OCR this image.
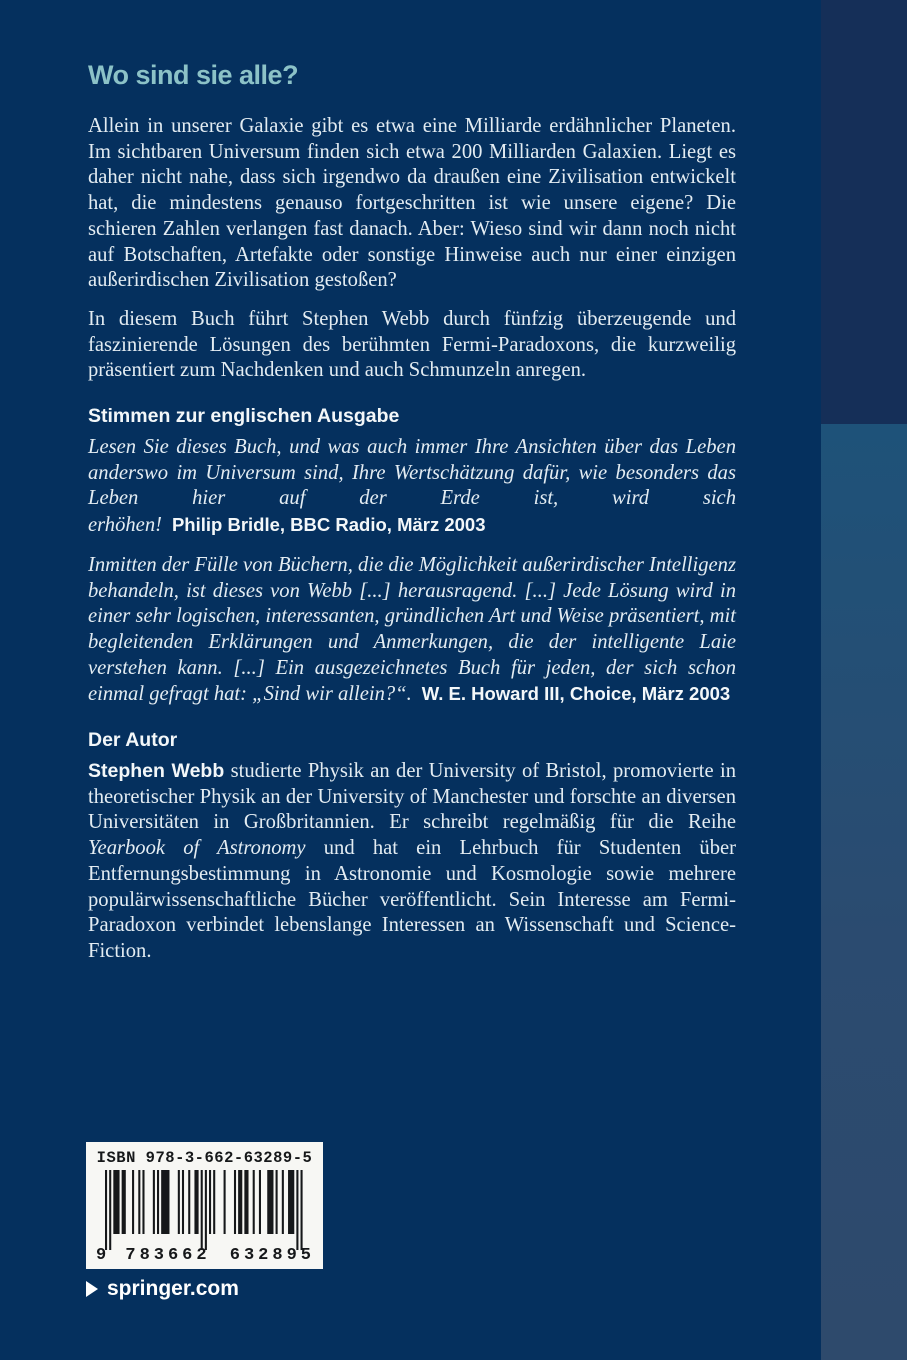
Wo sind sie alle?

Allein in unserer Galaxie gibt es etwa eine Milliarde erdähnlicher Planeten. Im sichtbaren Universum finden sich etwa 200 Milliarden Galaxien. Liegt es daher nicht nahe, dass sich irgendwo da draußen eine Zivilisation entwickelt hat, die mindestens genauso fortgeschritten ist wie unsere eigene? Die schieren Zahlen verlangen fast danach. Aber: Wieso sind wir dann noch nicht auf Botschaften, Artefakte oder sonstige Hinweise auch nur einer einzigen außerirdischen Zivilisation gestoßen?

In diesem Buch führt Stephen Webb durch fünfzig überzeugende und faszinierende Lösungen des berühmten Fermi-Paradoxons, die kurzweilig präsentiert zum Nachdenken und auch Schmunzeln anregen.

Stimmen zur englischen Ausgabe

Lesen Sie dieses Buch, und was auch immer Ihre Ansichten über das Leben anderswo im Universum sind, Ihre Wertschätzung dafür, wie besonders das Leben hier auf der Erde ist, wird sich erhöhen! Philip Bridle, BBC Radio, März 2003

Inmitten der Fülle von Büchern, die die Möglichkeit außerirdischer Intelligenz behandeln, ist dieses von Webb [...] herausragend. [...] Jede Lösung wird in einer sehr logischen, interessanten, gründlichen Art und Weise präsentiert, mit begleitenden Erklärungen und Anmerkungen, die der intelligente Laie verstehen kann. [...] Ein ausgezeichnetes Buch für jeden, der sich schon einmal gefragt hat: „Sind wir allein?“. W. E. Howard III, Choice, März 2003

Der Autor

Stephen Webb studierte Physik an der University of Bristol, promovierte in theoretischer Physik an der University of Manchester und forschte an diversen Universitäten in Großbritannien. Er schreibt regelmäßig für die Reihe Yearbook of Astronomy und hat ein Lehrbuch für Studenten über Entfernungsbestimmung in Astronomie und Kosmologie sowie mehrere populärwissenschaftliche Bücher veröffentlicht. Sein Interesse am Fermi-Paradoxon verbindet lebenslange Interessen an Wissenschaft und Science-Fiction.

ISBN 978-3-662-63289-5
9 783662 632895
springer.com
